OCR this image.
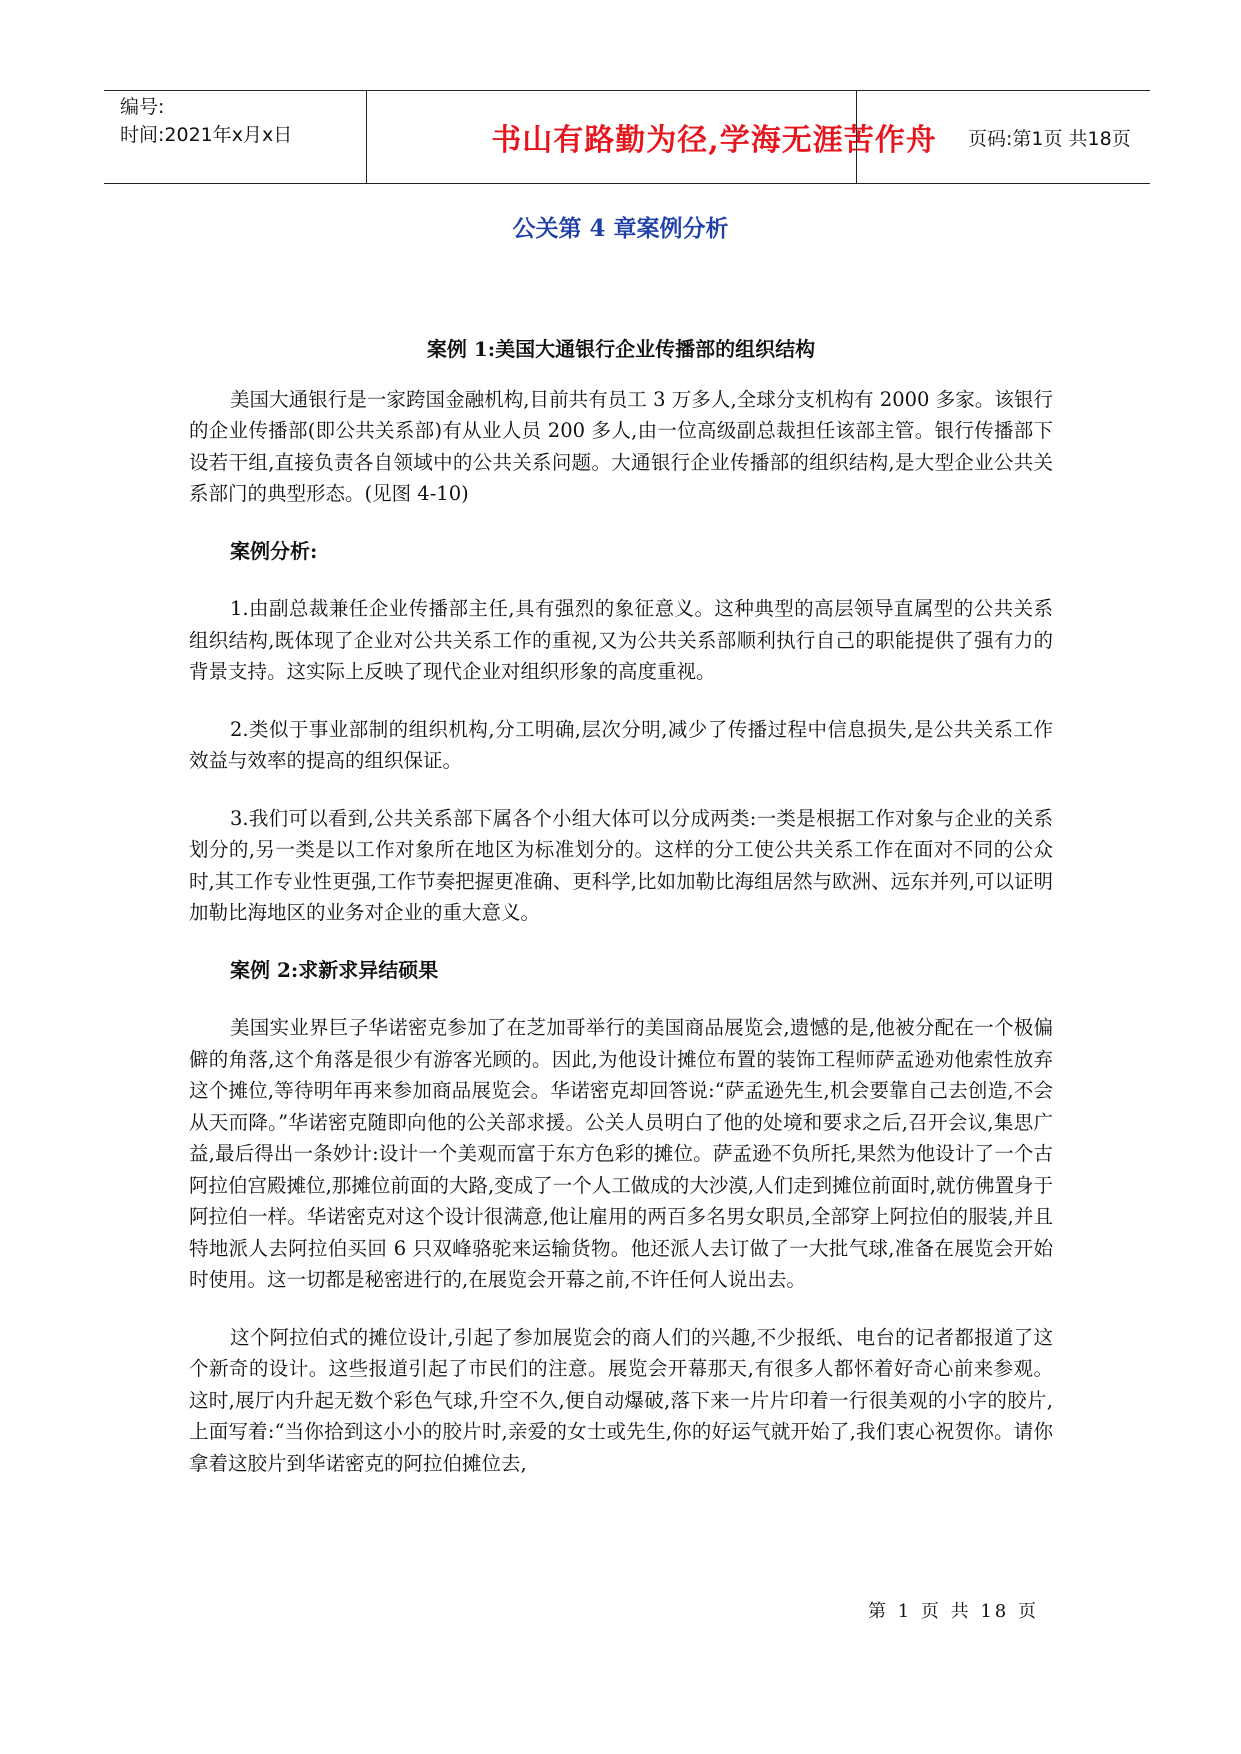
编号:
时间:2021年x月x日	书山有路勤为径,学海无涯苦作舟	页码:第1页 共18页
公关第 4 章案例分析
案例 1:美国大通银行企业传播部的组织结构

美国大通银行是一家跨国金融机构,目前共有员工 3 万多人,全球分支机构有 2000 多家。该银行的企业传播部(即公共关系部)有从业人员 200 多人,由一位高级副总裁担任该部主管。银行传播部下设若干组,直接负责各自领域中的公共关系问题。大通银行企业传播部的组织结构,是大型企业公共关系部门的典型形态。(见图 4-10)

案例分析:

1.由副总裁兼任企业传播部主任,具有强烈的象征意义。这种典型的高层领导直属型的公共关系组织结构,既体现了企业对公共关系工作的重视,又为公共关系部顺利执行自己的职能提供了强有力的背景支持。这实际上反映了现代企业对组织形象的高度重视。

2.类似于事业部制的组织机构,分工明确,层次分明,减少了传播过程中信息损失,是公共关系工作效益与效率的提高的组织保证。

3.我们可以看到,公共关系部下属各个小组大体可以分成两类:一类是根据工作对象与企业的关系划分的,另一类是以工作对象所在地区为标准划分的。这样的分工使公共关系工作在面对不同的公众时,其工作专业性更强,工作节奏把握更准确、更科学,比如加勒比海组居然与欧洲、远东并列,可以证明加勒比海地区的业务对企业的重大意义。

案例 2:求新求异结硕果

美国实业界巨子华诺密克参加了在芝加哥举行的美国商品展览会,遗憾的是,他被分配在一个极偏僻的角落,这个角落是很少有游客光顾的。因此,为他设计摊位布置的装饰工程师萨孟逊劝他索性放弃这个摊位,等待明年再来参加商品展览会。华诺密克却回答说:“萨孟逊先生,机会要靠自己去创造,不会从天而降。”华诺密克随即向他的公关部求援。公关人员明白了他的处境和要求之后,召开会议,集思广益,最后得出一条妙计:设计一个美观而富于东方色彩的摊位。萨孟逊不负所托,果然为他设计了一个古阿拉伯宫殿摊位,那摊位前面的大路,变成了一个人工做成的大沙漠,人们走到摊位前面时,就仿佛置身于阿拉伯一样。华诺密克对这个设计很满意,他让雇用的两百多名男女职员,全部穿上阿拉伯的服装,并且特地派人去阿拉伯买回 6 只双峰骆驼来运输货物。他还派人去订做了一大批气球,准备在展览会开始时使用。这一切都是秘密进行的,在展览会开幕之前,不许任何人说出去。

这个阿拉伯式的摊位设计,引起了参加展览会的商人们的兴趣,不少报纸、电台的记者都报道了这个新奇的设计。这些报道引起了市民们的注意。展览会开幕那天,有很多人都怀着好奇心前来参观。这时,展厅内升起无数个彩色气球,升空不久,便自动爆破,落下来一片片印着一行很美观的小字的胶片,上面写着:“当你拾到这小小的胶片时,亲爱的女士或先生,你的好运气就开始了,我们衷心祝贺你。请你拿着这胶片到华诺密克的阿拉伯摊位去,

第 1 页 共 18 页
